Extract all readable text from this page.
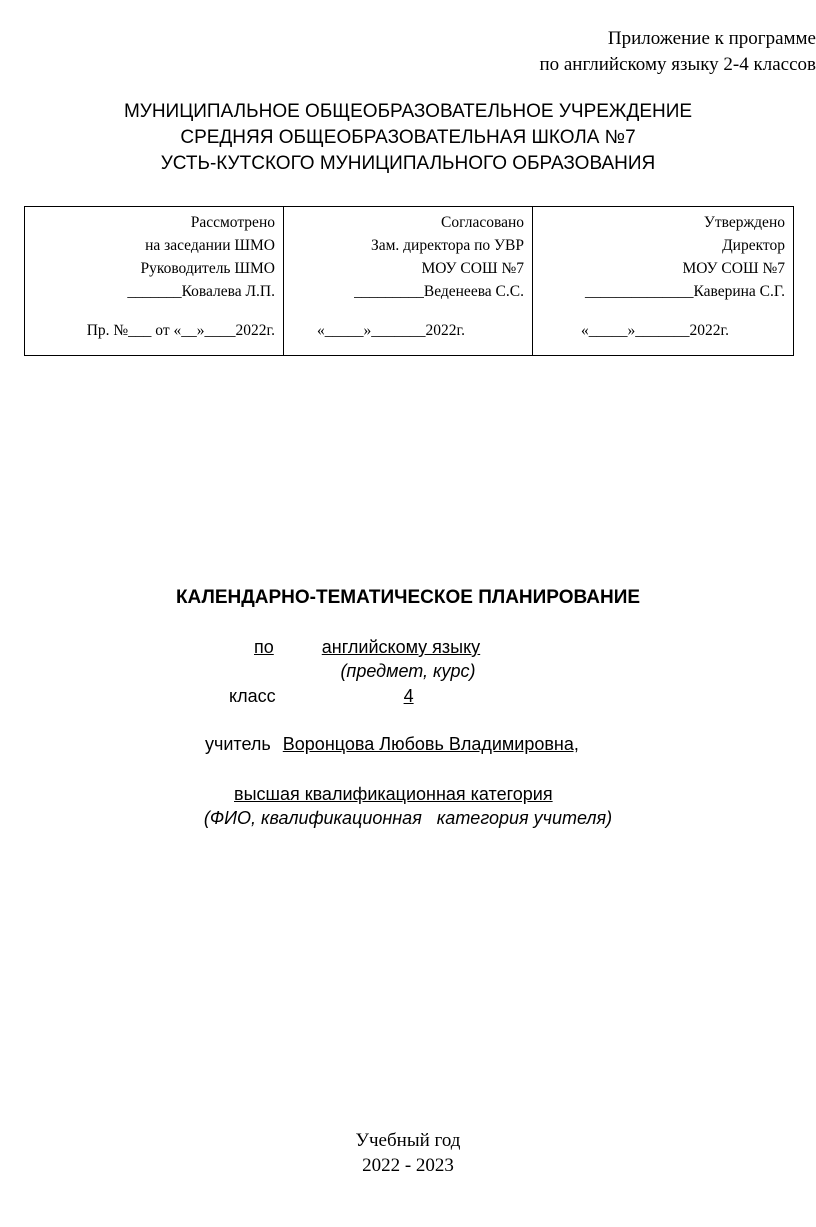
Приложение к программе
по английскому языку 2-4 классов
МУНИЦИПАЛЬНОЕ ОБЩЕОБРАЗОВАТЕЛЬНОЕ УЧРЕЖДЕНИЕ
СРЕДНЯЯ ОБЩЕОБРАЗОВАТЕЛЬНАЯ ШКОЛА №7
УСТЬ-КУТСКОГО МУНИЦИПАЛЬНОГО ОБРАЗОВАНИЯ
Рассмотрено
на заседании ШМО
Руководитель ШМО
_______Ковалева Л.П.
Пр. №___ от «__»____2022г.
Согласовано
Зам. директора по УВР
МОУ СОШ №7
_________Веденеева С.С.
«_____»_______2022г.
Утверждено
Директор
МОУ СОШ №7
______________Каверина С.Г.
«_____»_______2022г.
КАЛЕНДАРНО-ТЕМАТИЧЕСКОЕ ПЛАНИРОВАНИЕ
по	английскому языку
(предмет, курс)
класс	4
учитель Воронцова Любовь Владимировна,
высшая квалификационная категория
(ФИО, квалификационная   категория учителя)
Учебный год
2022 - 2023
